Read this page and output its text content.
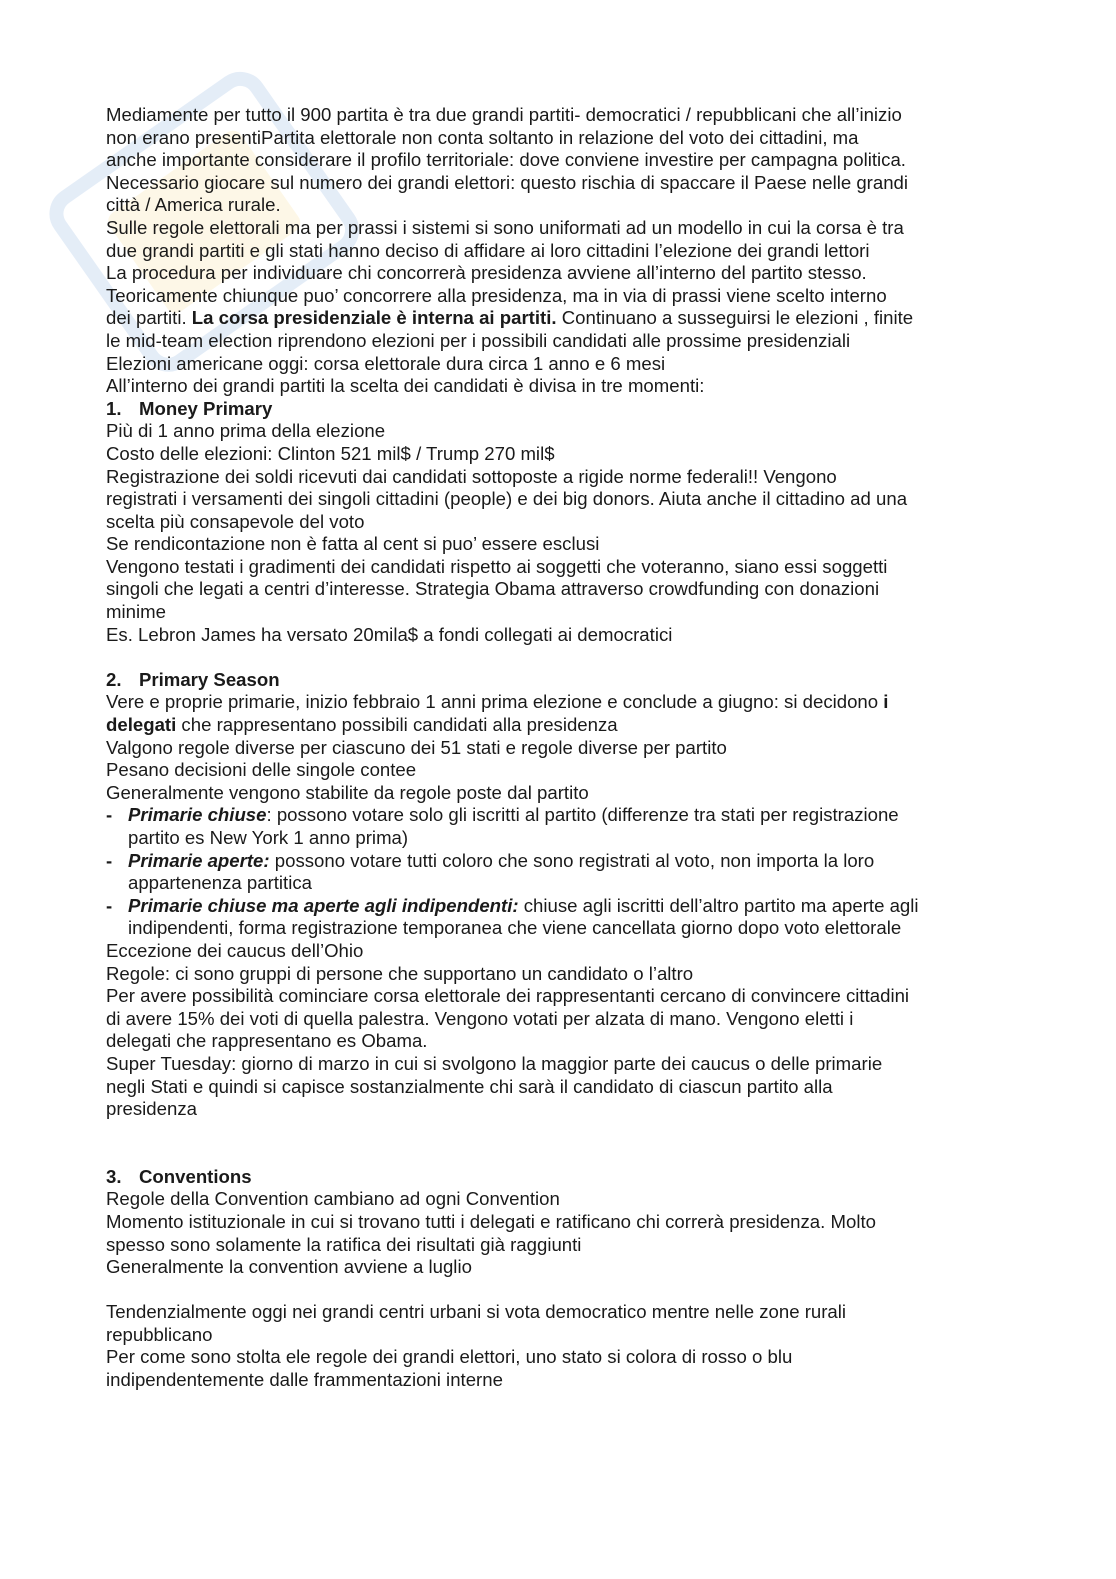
Mediamente per tutto il 900 partita è tra due grandi partiti- democratici / repubblicani che all’inizio
non erano presentiPartita elettorale non conta soltanto in relazione del voto dei cittadini, ma
anche importante considerare il profilo territoriale: dove conviene investire per campagna politica.
Necessario giocare sul numero dei grandi elettori: questo rischia di spaccare il Paese nelle grandi
città / America rurale.
Sulle regole elettorali ma per prassi i sistemi si sono uniformati ad un modello in cui la corsa è tra
due grandi partiti e gli stati hanno deciso di affidare ai loro cittadini l’elezione dei grandi lettori
La procedura per individuare chi concorrerà presidenza avviene all’interno del partito stesso.
Teoricamente chiunque puo’ concorrere alla presidenza, ma in via di prassi viene scelto interno
dei partiti. La corsa presidenziale è interna ai partiti. Continuano a susseguirsi le elezioni , finite
le mid-team election riprendono elezioni per i possibili candidati alle prossime presidenziali
Elezioni americane oggi: corsa elettorale dura circa 1 anno e 6 mesi
All’interno dei grandi partiti la scelta dei candidati è divisa in tre momenti:
1. Money Primary
Più di 1 anno prima della elezione
Costo delle elezioni: Clinton 521 mil$ / Trump 270 mil$
Registrazione dei soldi ricevuti dai candidati sottoposte a rigide norme federali!! Vengono
registrati i versamenti dei singoli cittadini (people) e dei big donors. Aiuta anche il cittadino ad una
scelta più consapevole del voto
Se rendicontazione non è fatta al cent si puo’ essere esclusi
Vengono testati i gradimenti dei candidati rispetto ai soggetti che voteranno, siano essi soggetti
singoli che legati a centri d’interesse. Strategia Obama attraverso crowdfunding con donazioni
minime
Es. Lebron James ha versato 20mila$ a fondi collegati ai democratici
2. Primary Season
Vere e proprie primarie, inizio febbraio 1 anni prima elezione e conclude a giugno: si decidono i
delegati che rappresentano possibili candidati alla presidenza
Valgono regole diverse per ciascuno dei 51 stati e regole diverse per partito
Pesano decisioni delle singole contee
Generalmente vengono stabilite da regole poste dal partito
- Primarie chiuse: possono votare solo gli iscritti al partito (differenze tra stati per registrazione
partito es New York 1 anno prima)
- Primarie aperte: possono votare tutti coloro che sono registrati al voto, non importa la loro
appartenenza partitica
- Primarie chiuse ma aperte agli indipendenti: chiuse agli iscritti dell’altro partito ma aperte agli
indipendenti, forma registrazione temporanea che viene cancellata giorno dopo voto elettorale
Eccezione dei caucus dell’Ohio
Regole: ci sono gruppi di persone che supportano un candidato o l’altro
Per avere possibilità cominciare corsa elettorale dei rappresentanti cercano di convincere cittadini
di avere 15% dei voti di quella palestra. Vengono votati per alzata di mano. Vengono eletti i
delegati che rappresentano es Obama.
Super Tuesday: giorno di marzo in cui si svolgono la maggior parte dei caucus o delle primarie
negli Stati e quindi si capisce sostanzialmente chi sarà il candidato di ciascun partito alla
presidenza
3. Conventions
Regole della Convention cambiano ad ogni Convention
Momento istituzionale in cui si trovano tutti i delegati e ratificano chi correrà presidenza. Molto
spesso sono solamente la ratifica dei risultati già raggiunti
Generalmente la convention avviene a luglio
Tendenzialmente oggi nei grandi centri urbani si vota democratico mentre nelle zone rurali
repubblicano
Per come sono stolta ele regole dei grandi elettori, uno stato si colora di rosso o blu
indipendentemente dalle frammentazioni interne
